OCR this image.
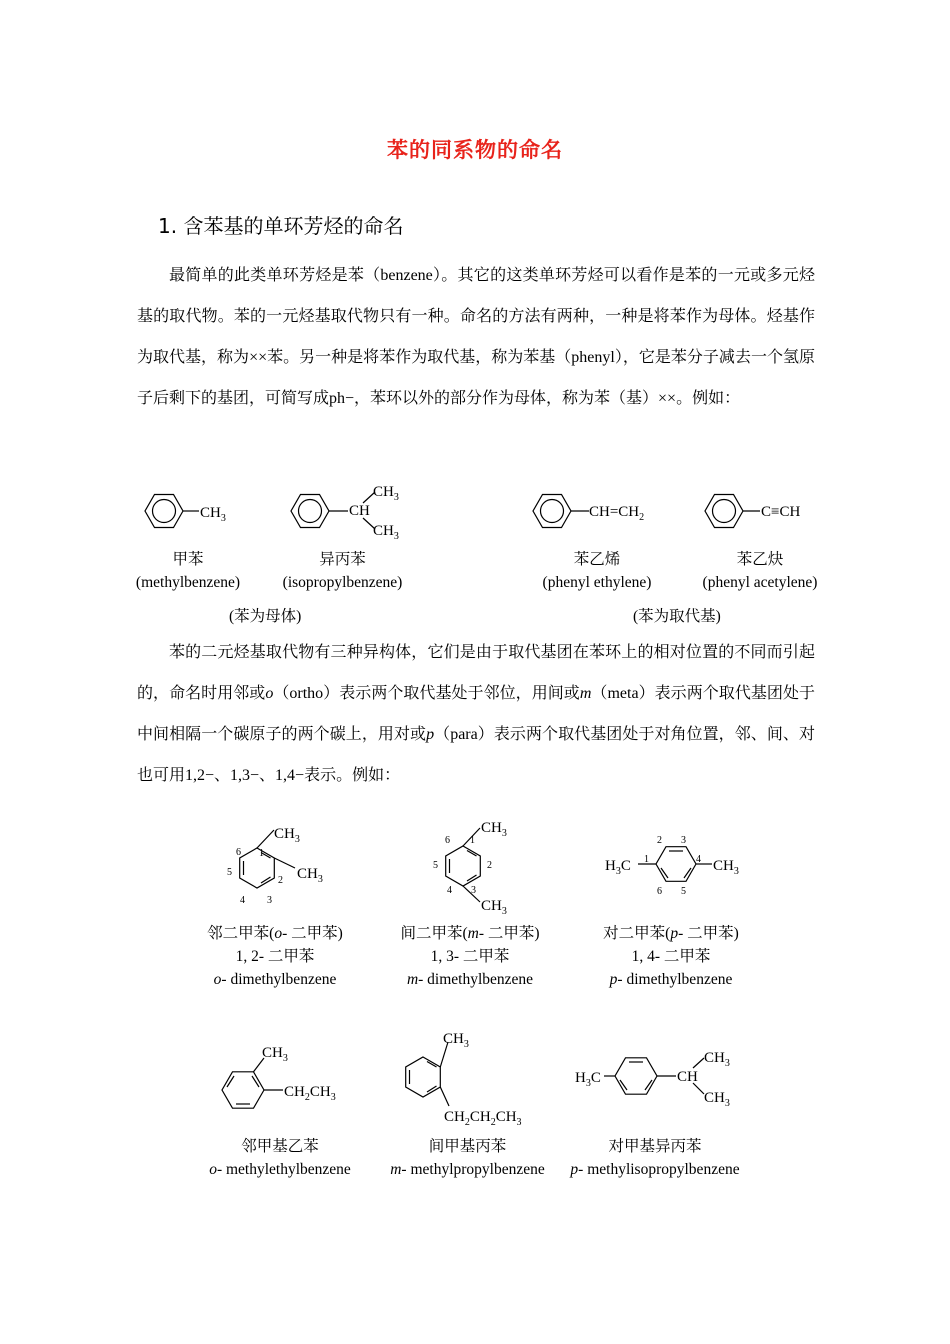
苯的同系物的命名
1. 含苯基的单环芳烃的命名

最简单的此类单环芳烃是苯（benzene）。其它的这类单环芳烃可以看作是苯的一元或多元烃基的取代物。苯的一元烃基取代物只有一种。命名的方法有两种，一种是将苯作为母体。烃基作为取代基，称为××苯。另一种是将苯作为取代基，称为苯基（phenyl），它是苯分子减去一个氢原子后剩下的基团，可简写成ph−，苯环以外的部分作为母体，称为苯（基）××。例如：

$CH_3$	CH
$CH_3$
$CH_3$
$CH=CH_2$	C≡CH
甲苯
(methylbenzene)
异丙苯
(isopropylbenzene)
苯乙烯
(phenyl ethylene)
苯乙炔
(phenyl acetylene)
(苯为母体)	(苯为取代基)

苯的二元烃基取代物有三种异构体，它们是由于取代基团在苯环上的相对位置的不同而引起的，命名时用邻或o（ortho）表示两个取代基处于邻位，用间或m（meta）表示两个取代基团处于中间相隔一个碳原子的两个碳上，用对或p（para）表示两个取代基团处于对角位置，邻、间、对也可用1,2−、1,3−、1,4−表示。例如：

$CH_3$
$CH_3$
$CH_3$
$CH_3$
$H_3C$	$CH_3$
1
2
3
4
5
6
1
2
3
4
5
6
1
2 3
4
5
6
邻二甲苯(o- 二甲苯)
1, 2- 二甲苯
o- dimethylbenzene
间二甲苯(m- 二甲苯)
1, 3- 二甲苯
m- dimethylbenzene
对二甲苯(p- 二甲苯)
1, 4- 二甲苯
p- dimethylbenzene
$CH_3$
$CH_2CH_3$
$CH_3$
$CH_2CH_2CH_3$
$H_3C$	CH
$CH_3$
$CH_3$
邻甲基乙苯
o- methylethylbenzene
间甲基丙苯
m- methylpropylbenzene
对甲基异丙苯
p- methylisopropylbenzene
